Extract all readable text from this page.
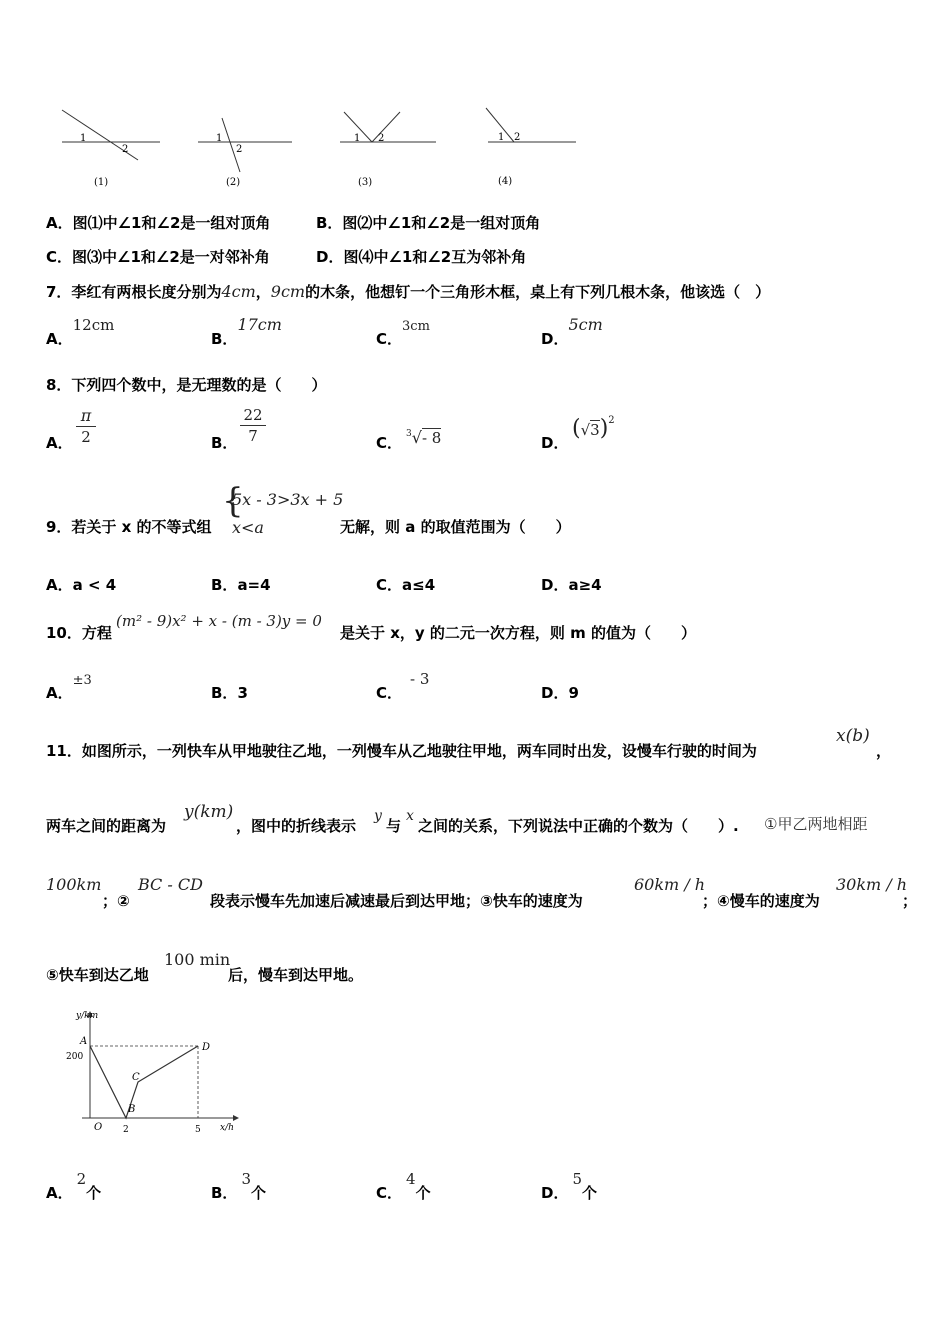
1
2
(1)
1
2
(2)
1 2
(3)
1 2
(4)
A．图⑴中∠1和∠2是一组对顶角	B．图⑵中∠1和∠2是一组对顶角
C．图⑶中∠1和∠2是一对邻补角	D．图⑷中∠1和∠2互为邻补角
7．李红有两根长度分别为4cm，9cm的木条，他想钉一个三角形木框，桌上有下列几根木条，他该选（　）
A．12cm
B．17cm
C．3cm
D．5cm
8．下列四个数中，是无理数的是（　　）
A．
π
2	B．
22
7	C． $^3$√- 8	D．
$(√3)^2$
9．若关于 x 的不等式组
{
5x - 3>3x + 5
x<a	无解，则 a 的取值范围为（　　）
A．a < 4	B．a=4	C．a≤4	D．a≥4
10．方程
(m² - 9)x² + x - (m - 3)y = 0
是关于 x，y 的二元一次方程，则 m 的值为（　　）
A．±3
B．3	C．- 3
D．9
11．如图所示，一列快车从甲地驶往乙地，一列慢车从乙地驶往甲地，两车同时出发，设慢车行驶的时间为
x(b)
，
两车之间的距离为
y(km)
，图中的折线表示
y
与
x
之间的关系，下列说法中正确的个数为（　　）. ①甲乙两地相距
100km
；②
BC - CD
段表示慢车先加速后减速最后到达甲地；③快车的速度为
60km / h
；④慢车的速度为
30km / h
；
⑤快车到达乙地
100 min
后，慢车到达甲地。
y/km
x/h
200
2	5
O
A
B
C
D
A．2个	B．3个	C．4个	D．5个
